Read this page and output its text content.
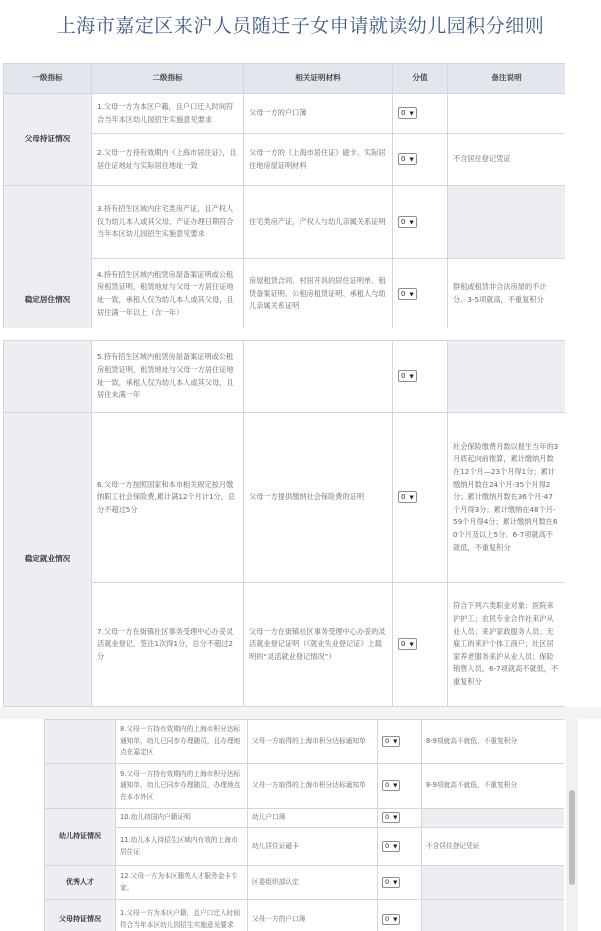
上海市嘉定区来沪人员随迁子女申请就读幼儿园积分细则
一级指标	二级指标	相关证明材料	分值	备注说明
父母持证情况	1.父母一方为本区户籍，且户口迁入时间符合当年本区幼儿园招生实施意见要求	父母一方的户口簿	0 ▼	
	2.父母一方持有效期内《上海市居住证》，且居住证地址与实际居住地址一致	父母一方的《上海市居住证》磁卡、实际居住地房屋证明材料	0 ▼	不含居住登记凭证
稳定居住情况	3.持有招生区域内住宅类房产证，且产权人仅为幼儿本人或其父母，产证办理日期符合当年本区幼儿园招生实施意见要求	住宅类房产证，产权人与幼儿亲属关系证明	0 ▼	
	4.持有招生区域内租赁房屋备案证明或公租房租赁证明，租赁地址与父母一方居住证地址一致，承租人仅为幼儿本人或其父母，且居住满一年以上（含一年）	房屋租赁合同、村居开具的居住证明单、租赁备案证明、公租房租赁证明、承租人与幼儿亲属关系证明	0 ▼	群租或租赁非合法房屋的不计分。3-5项就高，不重复积分
	5.持有招生区域内租赁房屋备案证明或公租房租赁证明，租赁地址与父母一方居住证地址一致，承租人仅为幼儿本人或其父母，且居住未满一年		0 ▼	
稳定就业情况	6.父母一方按照国家和本市相关规定按月缴纳职工社会保险费,累计满12个月计1分，总分不超过5分	父母一方提供缴纳社会保险费的证明	0 ▼	社会保险缴费月数以报生当年的3月底起向前推算，累计缴纳月数在12个月—23个月得1分；累计缴纳月数在24个月-35个月得2分；累计缴纳月数在36个月-47个月得3分；累计缴纳在48个月-59个月得4分；累计缴纳月数在60个月及以上5分。6-7项就高不就低，不重复积分
	7.父母一方在街镇社区事务受理中心办妥灵活就业登记，签注1次得1分，总分不超过2分	父母一方在街镇社区事务受理中心办妥的灵活就业登记证明（《就业失业登记证》上载明的“灵活就业登记情况”）	0 ▼	符合下列六类职业对象：医院来沪护工；农民专业合作社来沪从业人员；来沪家政服务人员；无雇工的来沪个体工商户；社区居家养老服务来沪从业人员；保险销售人员。6-7项就高不就低，不重复积分
	8.父母一方持有效期内的上海市积分达标通知单，幼儿已同步办理随员，且办理地点在嘉定区	父母一方取得的上海市积分达标通知单	0 ▼	8-9项就高不就低，不重复积分
	9.父母一方持有效期内的上海市积分达标通知单，幼儿已同步办理随员，办理地点在本市外区	父母一方取得的上海市积分达标通知单	0 ▼	8-9项就高不就低，不重复积分
幼儿持证情况	10.幼儿持国内户籍证明	幼儿户口簿	0 ▼	
	11.幼儿本人持招生区域内有效的上海市居住证	幼儿居住证磁卡	0 ▼	不含居住登记凭证
优秀人才	12.父母一方为本区籍英人才服务金卡专家。	区委组织部认定	0 ▼	
父母持证情况	1.父母一方为本区户籍，且户口迁入时间符合当年本区幼儿园招生实施意见要求	父母一方的户口簿	0 ▼	
